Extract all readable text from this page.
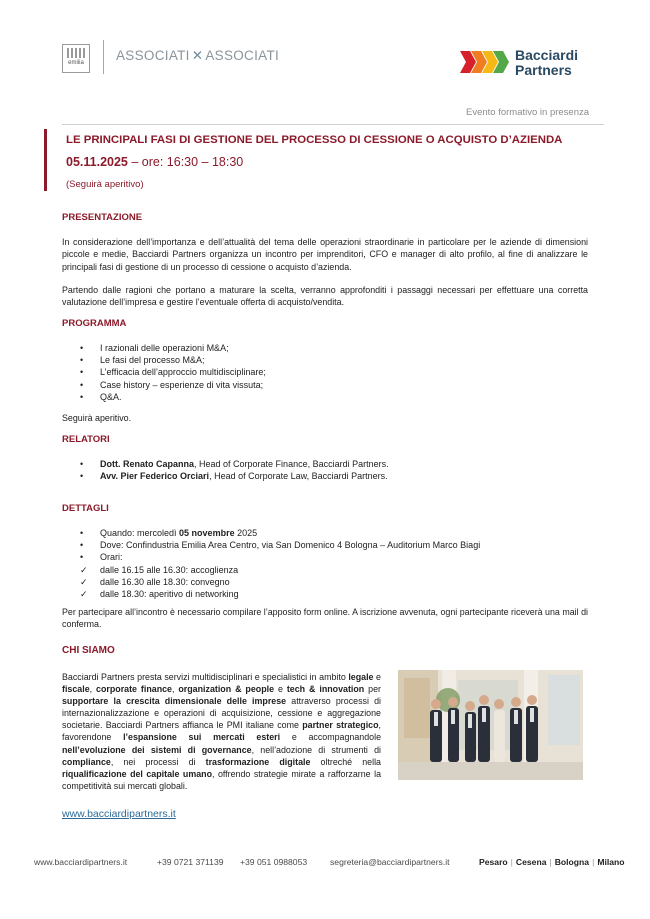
emilia	ASSOCIATI ✕ ASSOCIATI	Bacciardi
Partners
Evento formativo in presenza
LE PRINCIPALI FASI DI GESTIONE DEL PROCESSO DI CESSIONE O ACQUISTO D’AZIENDA
05.11.2025 – ore: 16:30 – 18:30
(Seguirà aperitivo)
PRESENTAZIONE
In considerazione dell’importanza e dell’attualità del tema delle operazioni straordinarie in particolare per le aziende di dimensioni piccole e medie, Bacciardi Partners organizza un incontro per imprenditori, CFO e manager di alto profilo, al fine di analizzare le principali fasi di gestione di un processo di cessione o acquisto d’azienda.
Partendo dalle ragioni che portano a maturare la scelta, verranno approfonditi i passaggi necessari per effettuare una corretta valutazione dell’impresa e gestire l’eventuale offerta di acquisto/vendita.
PROGRAMMA
• I razionali delle operazioni M&A;
• Le fasi del processo M&A;
• L’efficacia dell’approccio multidisciplinare;
• Case history – esperienze di vita vissuta;
• Q&A.
Seguirà aperitivo.
RELATORI
• Dott. Renato Capanna, Head of Corporate Finance, Bacciardi Partners.
• Avv. Pier Federico Orciari, Head of Corporate Law, Bacciardi Partners.
DETTAGLI
• Quando: mercoledì 05 novembre 2025
• Dove: Confindustria Emilia Area Centro, via San Domenico 4 Bologna – Auditorium Marco Biagi
• Orari:
✓ dalle 16.15 alle 16.30: accoglienza
✓ dalle 16.30 alle 18.30: convegno
✓ dalle 18.30: aperitivo di networking
Per partecipare all’incontro è necessario compilare l’apposito form online. A iscrizione avvenuta, ogni partecipante riceverà una mail di conferma.
CHI SIAMO
Bacciardi Partners presta servizi multidisciplinari e specialistici in ambito legale e fiscale, corporate finance, organization & people e tech & innovation per supportare la crescita dimensionale delle imprese attraverso processi di internazionalizzazione e operazioni di acquisizione, cessione e aggregazione societarie. Bacciardi Partners affianca le PMI italiane come partner strategico, favorendone l’espansione sui mercati esteri e accompagnandole nell’evoluzione dei sistemi di governance, nell’adozione di strumenti di compliance, nei processi di trasformazione digitale oltreché nella riqualificazione del capitale umano, offrendo strategie mirate a rafforzarne la competitività sui mercati globali.
www.bacciardipartners.it
www.bacciardipartners.it	+39 0721 371139 +39 051 0988053	segreteria@bacciardipartners.it	Pesaro | Cesena | Bologna | Milano
